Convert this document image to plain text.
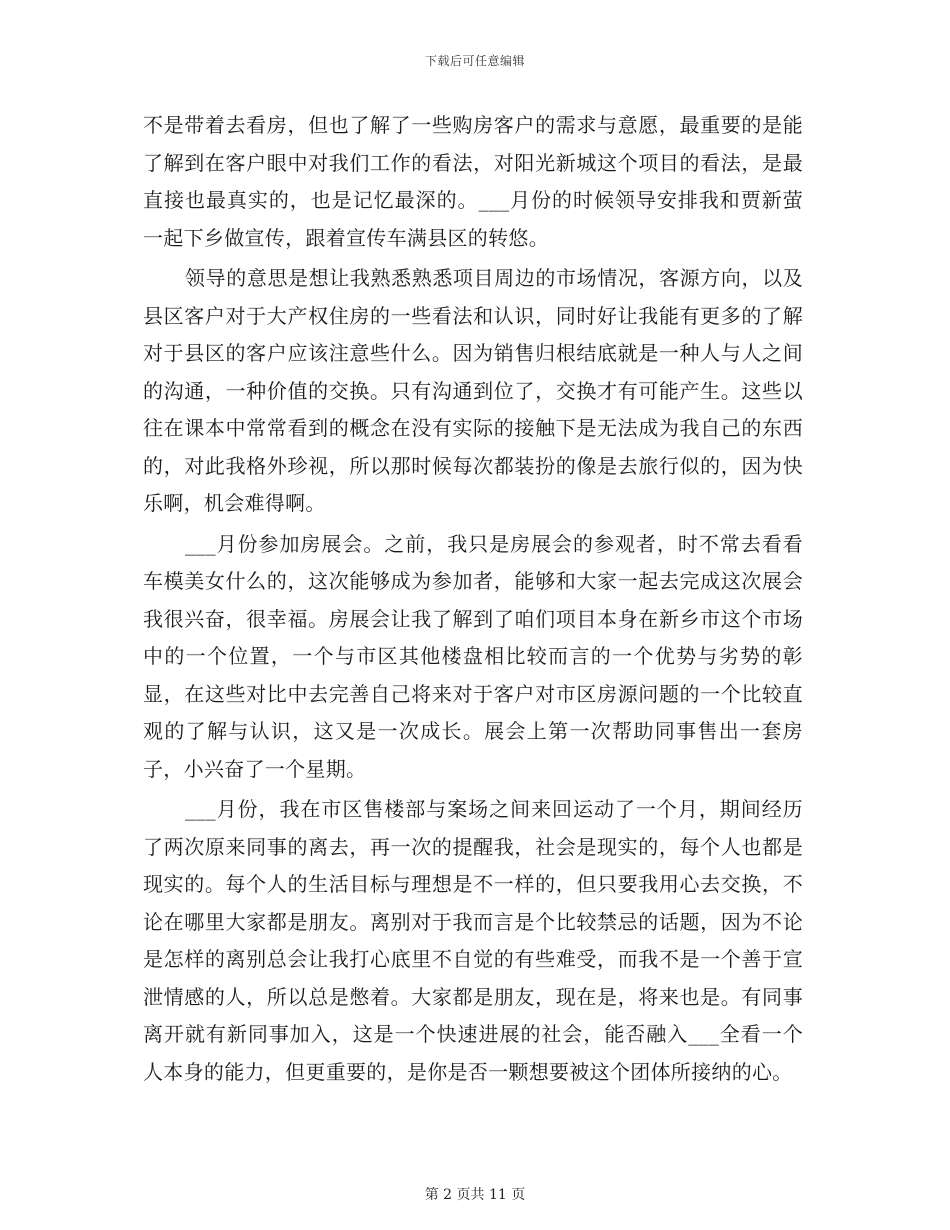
下载后可任意编辑

不是带着去看房，但也了解了一些购房客户的需求与意愿，最重要的是能了解到在客户眼中对我们工作的看法，对阳光新城这个项目的看法，是最直接也最真实的，也是记忆最深的。___月份的时候领导安排我和贾新萤一起下乡做宣传，跟着宣传车满县区的转悠。

领导的意思是想让我熟悉熟悉项目周边的市场情况，客源方向，以及县区客户对于大产权住房的一些看法和认识，同时好让我能有更多的了解对于县区的客户应该注意些什么。因为销售归根结底就是一种人与人之间的沟通，一种价值的交换。只有沟通到位了，交换才有可能产生。这些以往在课本中常常看到的概念在没有实际的接触下是无法成为我自己的东西的，对此我格外珍视，所以那时候每次都装扮的像是去旅行似的，因为快乐啊，机会难得啊。

___月份参加房展会。之前，我只是房展会的参观者，时不常去看看车模美女什么的，这次能够成为参加者，能够和大家一起去完成这次展会我很兴奋，很幸福。房展会让我了解到了咱们项目本身在新乡市这个市场中的一个位置，一个与市区其他楼盘相比较而言的一个优势与劣势的彰显，在这些对比中去完善自己将来对于客户对市区房源问题的一个比较直观的了解与认识，这又是一次成长。展会上第一次帮助同事售出一套房子，小兴奋了一个星期。

___月份，我在市区售楼部与案场之间来回运动了一个月，期间经历了两次原来同事的离去，再一次的提醒我，社会是现实的，每个人也都是现实的。每个人的生活目标与理想是不一样的，但只要我用心去交换，不论在哪里大家都是朋友。离别对于我而言是个比较禁忌的话题，因为不论是怎样的离别总会让我打心底里不自觉的有些难受，而我不是一个善于宣泄情感的人，所以总是憋着。大家都是朋友，现在是，将来也是。有同事离开就有新同事加入，这是一个快速进展的社会，能否融入___全看一个人本身的能力，但更重要的，是你是否一颗想要被这个团体所接纳的心。

第 2 页共 11 页
